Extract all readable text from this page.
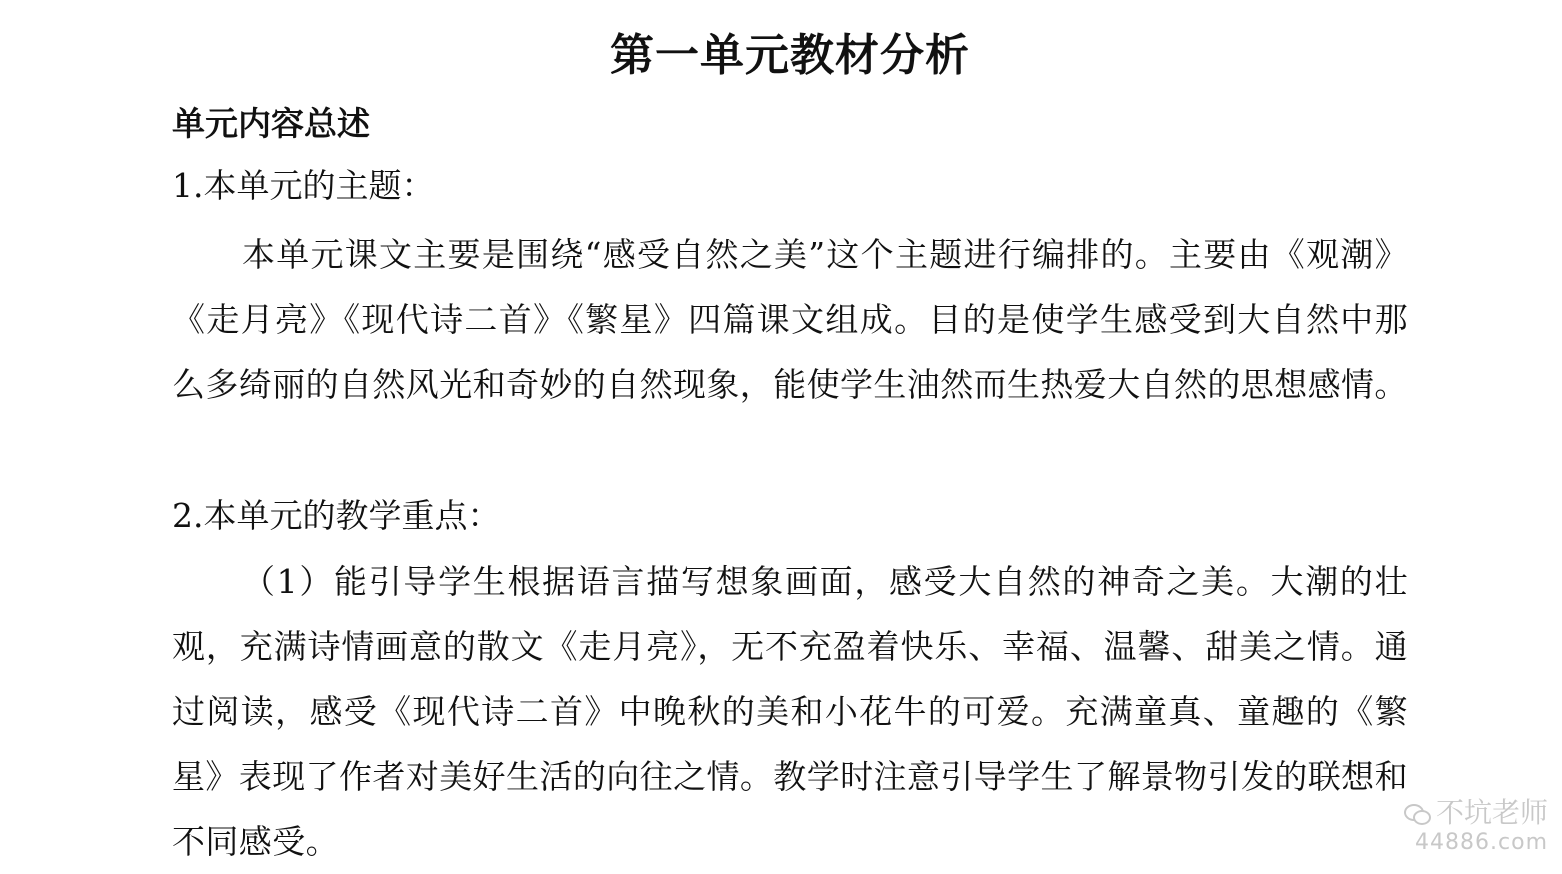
第一单元教材分析
单元内容总述
1.本单元的主题：

本单元课文主要是围绕“感受自然之美”这个主题进行编排的。主要由《观潮》《走月亮》《现代诗二首》《繁星》四篇课文组成。目的是使学生感受到大自然中那么多绮丽的自然风光和奇妙的自然现象，能使学生油然而生热爱大自然的思想感情。

2.本单元的教学重点：

（1）能引导学生根据语言描写想象画面，感受大自然的神奇之美。大潮的壮观，充满诗情画意的散文《走月亮》，无不充盈着快乐、幸福、温馨、甜美之情。通过阅读，感受《现代诗二首》中晚秋的美和小花牛的可爱。充满童真、童趣的《繁星》表现了作者对美好生活的向往之情。教学时注意引导学生了解景物引发的联想和不同感受。

不坑老师
44886.com
